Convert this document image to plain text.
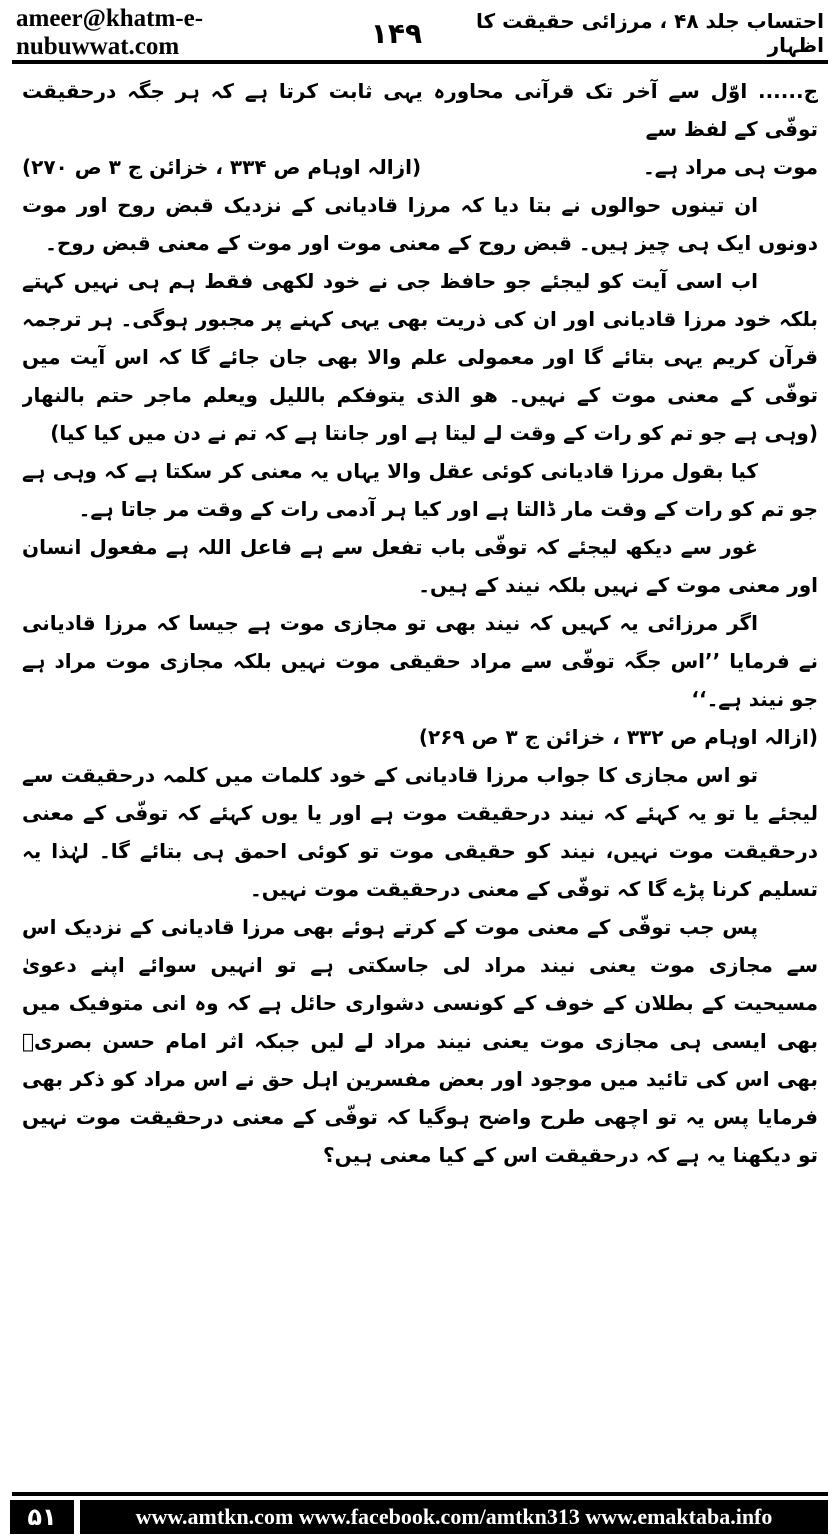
ameer@khatm-e-nubuwwat.com	۱۴۹	احتساب جلد ۴۸ ، مرزائی حقیقت کا اظہار

ج...... اوّل سے آخر تک قرآنی محاورہ یہی ثابت کرتا ہے کہ ہر جگہ درحقیقت توفّی کے لفظ سے

موت ہی مراد ہے۔
(ازالہ اوہام ص ۳۳۴ ، خزائن ج ۳ ص ۲۷۰)

ان تینوں حوالوں نے بتا دیا کہ مرزا قادیانی کے نزدیک قبض روح اور موت دونوں ایک ہی چیز ہیں۔ قبض روح کے معنی موت اور موت کے معنی قبض روح۔

اب اسی آیت کو لیجئے جو حافظ جی نے خود لکھی فقط ہم ہی نہیں کہتے بلکہ خود مرزا قادیانی اور ان کی ذریت بھی یہی کہنے پر مجبور ہوگی۔ ہر ترجمہ قرآن کریم یہی بتائے گا اور معمولی علم والا بھی جان جائے گا کہ اس آیت میں توفّی کے معنی موت کے نہیں۔ ھو الذی یتوفکم باللیل ویعلم ماجر حتم بالنھار (وہی ہے جو تم کو رات کے وقت لے لیتا ہے اور جانتا ہے کہ تم نے دن میں کیا کیا)

کیا بقول مرزا قادیانی کوئی عقل والا یہاں یہ معنی کر سکتا ہے کہ وہی ہے جو تم کو رات کے وقت مار ڈالتا ہے اور کیا ہر آدمی رات کے وقت مر جاتا ہے۔

غور سے دیکھ لیجئے کہ توفّی باب تفعل سے ہے فاعل اللہ ہے مفعول انسان اور معنی موت کے نہیں بلکہ نیند کے ہیں۔

اگر مرزائی یہ کہیں کہ نیند بھی تو مجازی موت ہے جیسا کہ مرزا قادیانی نے فرمایا ’’اس جگہ توفّی سے مراد حقیقی موت نہیں بلکہ مجازی موت مراد ہے جو نیند ہے۔‘‘

(ازالہ اوہام ص ۳۳۲ ، خزائن ج ۳ ص ۲۶۹)

تو اس مجازی کا جواب مرزا قادیانی کے خود کلمات میں کلمہ درحقیقت سے لیجئے یا تو یہ کہئے کہ نیند درحقیقت موت ہے اور یا یوں کہئے کہ توفّی کے معنی درحقیقت موت نہیں، نیند کو حقیقی موت تو کوئی احمق ہی بتائے گا۔ لہٰذا یہ تسلیم کرنا پڑے گا کہ توفّی کے معنی درحقیقت موت نہیں۔

پس جب توفّی کے معنی موت کے کرتے ہوئے بھی مرزا قادیانی کے نزدیک اس سے مجازی موت یعنی نیند مراد لی جاسکتی ہے تو انہیں سوائے اپنے دعویٰ مسیحیت کے بطلان کے خوف کے کونسی دشواری حائل ہے کہ وہ انی متوفیک میں بھی ایسی ہی مجازی موت یعنی نیند مراد لے لیں جبکہ اثر امام حسن بصریؒ بھی اس کی تائید میں موجود اور بعض مفسرین اہل حق نے اس مراد کو ذکر بھی فرمایا پس یہ تو اچھی طرح واضح ہوگیا کہ توفّی کے معنی درحقیقت موت نہیں تو دیکھنا یہ ہے کہ درحقیقت اس کے کیا معنی ہیں؟

۵۱	www.amtkn.com www.facebook.com/amtkn313 www.emaktaba.info
